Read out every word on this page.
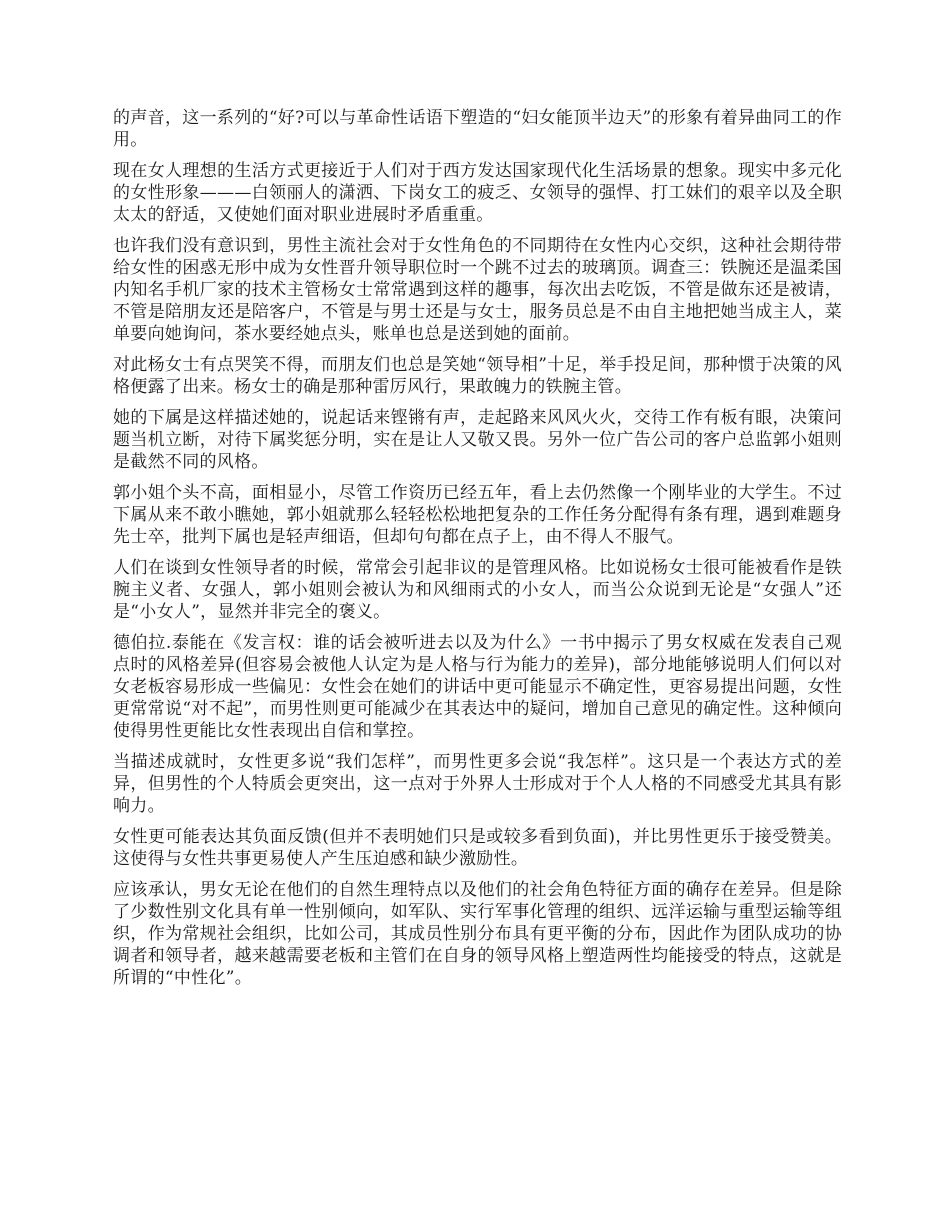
的声音，这一系列的“好?可以与革命性话语下塑造的“妇女能顶半边天”的形象有着异曲同工的作用。

现在女人理想的生活方式更接近于人们对于西方发达国家现代化生活场景的想象。现实中多元化的女性形象———白领丽人的潇洒、下岗女工的疲乏、女领导的强悍、打工妹们的艰辛以及全职太太的舒适，又使她们面对职业进展时矛盾重重。

也许我们没有意识到，男性主流社会对于女性角色的不同期待在女性内心交织，这种社会期待带给女性的困惑无形中成为女性晋升领导职位时一个跳不过去的玻璃顶。调查三：铁腕还是温柔国内知名手机厂家的技术主管杨女士常常遇到这样的趣事，每次出去吃饭，不管是做东还是被请，不管是陪朋友还是陪客户，不管是与男士还是与女士，服务员总是不由自主地把她当成主人，菜单要向她询问，茶水要经她点头，账单也总是送到她的面前。

对此杨女士有点哭笑不得，而朋友们也总是笑她“领导相”十足，举手投足间，那种惯于决策的风格便露了出来。杨女士的确是那种雷厉风行，果敢魄力的铁腕主管。

她的下属是这样描述她的，说起话来铿锵有声，走起路来风风火火，交待工作有板有眼，决策问题当机立断，对待下属奖惩分明，实在是让人又敬又畏。另外一位广告公司的客户总监郭小姐则是截然不同的风格。

郭小姐个头不高，面相显小，尽管工作资历已经五年，看上去仍然像一个刚毕业的大学生。不过下属从来不敢小瞧她，郭小姐就那么轻轻松松地把复杂的工作任务分配得有条有理，遇到难题身先士卒，批判下属也是轻声细语，但却句句都在点子上，由不得人不服气。

人们在谈到女性领导者的时候，常常会引起非议的是管理风格。比如说杨女士很可能被看作是铁腕主义者、女强人，郭小姐则会被认为和风细雨式的小女人，而当公众说到无论是“女强人”还是“小女人”，显然并非完全的褒义。

德伯拉.泰能在《发言权：谁的话会被听进去以及为什么》一书中揭示了男女权威在发表自己观点时的风格差异(但容易会被他人认定为是人格与行为能力的差异)，部分地能够说明人们何以对女老板容易形成一些偏见：女性会在她们的讲话中更可能显示不确定性，更容易提出问题，女性更常常说“对不起”，而男性则更可能减少在其表达中的疑问，增加自己意见的确定性。这种倾向使得男性更能比女性表现出自信和掌控。

当描述成就时，女性更多说“我们怎样”，而男性更多会说“我怎样”。这只是一个表达方式的差异，但男性的个人特质会更突出，这一点对于外界人士形成对于个人人格的不同感受尤其具有影响力。

女性更可能表达其负面反馈(但并不表明她们只是或较多看到负面)，并比男性更乐于接受赞美。这使得与女性共事更易使人产生压迫感和缺少激励性。

应该承认，男女无论在他们的自然生理特点以及他们的社会角色特征方面的确存在差异。但是除了少数性别文化具有单一性别倾向，如军队、实行军事化管理的组织、远洋运输与重型运输等组织，作为常规社会组织，比如公司，其成员性别分布具有更平衡的分布，因此作为团队成功的协调者和领导者，越来越需要老板和主管们在自身的领导风格上塑造两性均能接受的特点，这就是所谓的“中性化”。
